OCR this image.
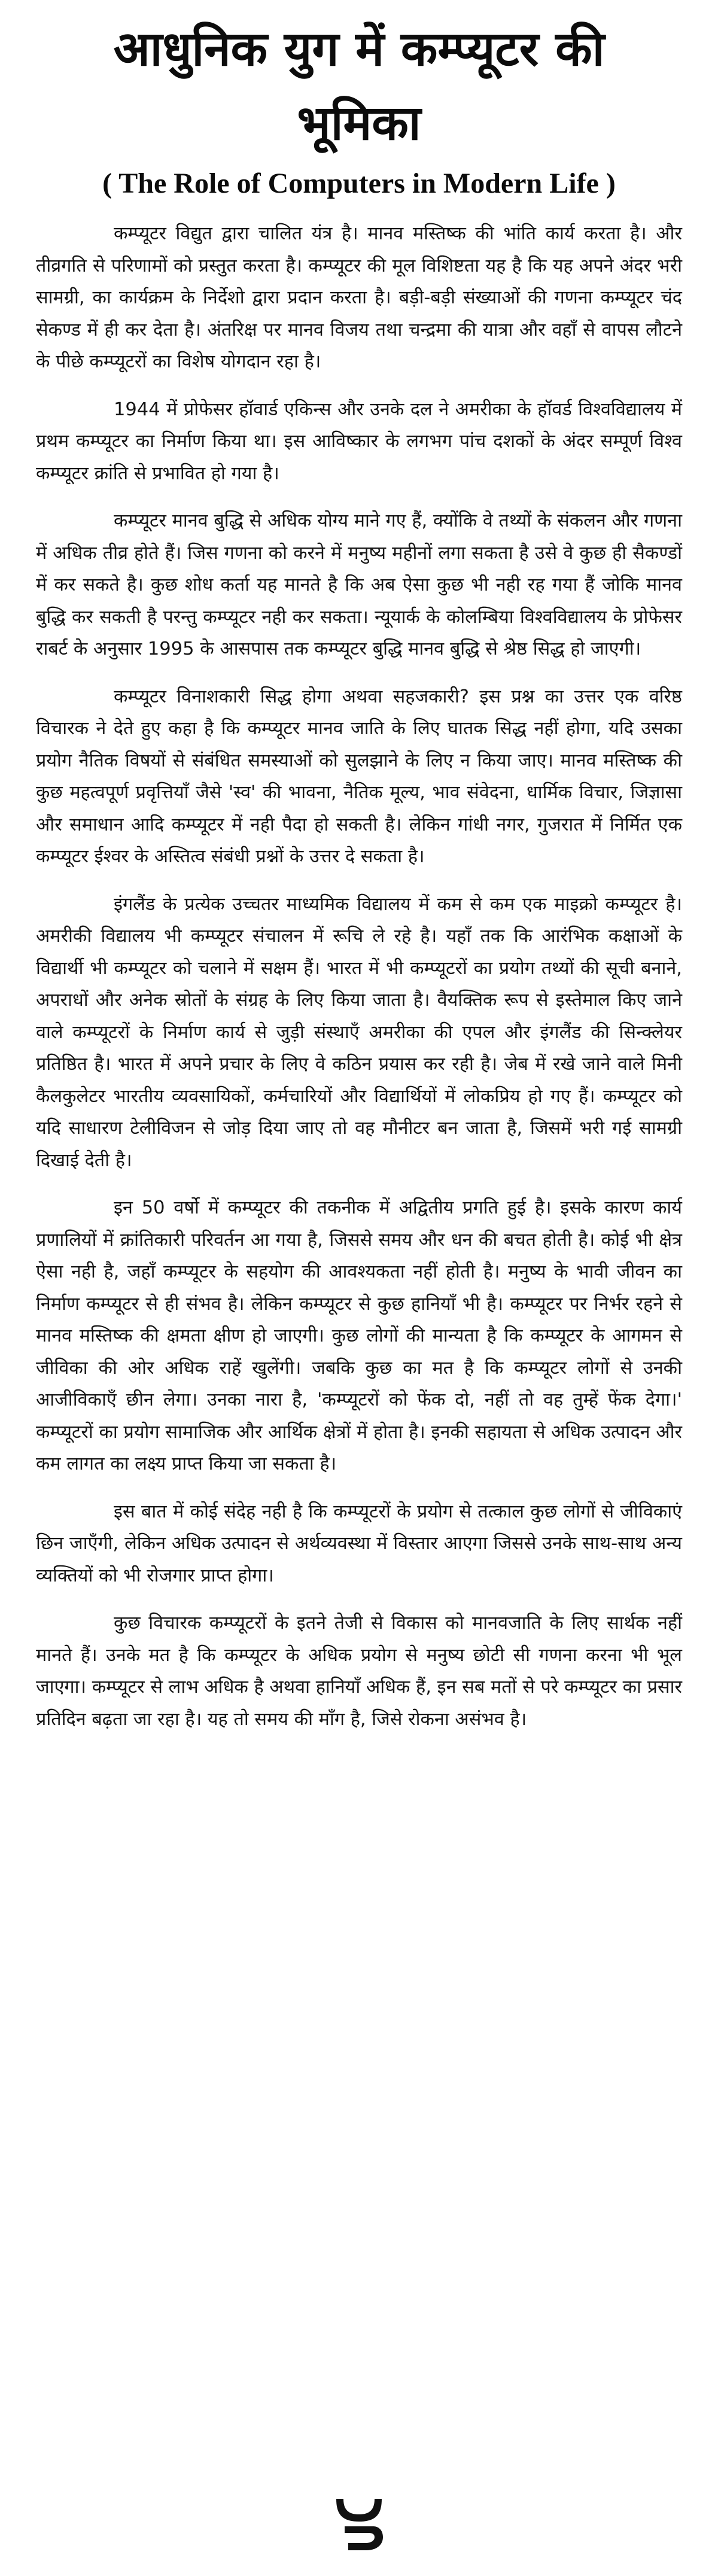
आधुनिक युग में कम्प्यूटर की भूमिका
( The Role of Computers in Modern Life )

कम्प्यूटर विद्युत द्वारा चालित यंत्र है। मानव मस्तिष्क की भांति कार्य करता है। और तीव्रगति से परिणामों को प्रस्तुत करता है। कम्प्यूटर की मूल विशिष्टता यह है कि यह अपने अंदर भरी सामग्री, का कार्यक्रम के निर्देशो द्वारा प्रदान करता है। बड़ी-बड़ी संख्याओं की गणना कम्प्यूटर चंद सेकण्ड में ही कर देता है। अंतरिक्ष पर मानव विजय तथा चन्द्रमा की यात्रा और वहाँ से वापस लौटने के पीछे कम्प्यूटरों का विशेष योगदान रहा है।

1944 में प्रोफेसर हॉवार्ड एकिन्स और उनके दल ने अमरीका के हॉवर्ड विश्वविद्यालय में प्रथम कम्प्यूटर का निर्माण किया था। इस आविष्कार के लगभग पांच दशकों के अंदर सम्पूर्ण विश्व कम्प्यूटर क्रांति से प्रभावित हो गया है।

कम्प्यूटर मानव बुद्धि से अधिक योग्य माने गए हैं, क्योंकि वे तथ्यों के संकलन और गणना में अधिक तीव्र होते हैं। जिस गणना को करने में मनुष्य महीनों लगा सकता है उसे वे कुछ ही सैकण्डों में कर सकते है। कुछ शोध कर्ता यह मानते है कि अब ऐसा कुछ भी नही रह गया हैं जोकि मानव बुद्धि कर सकती है परन्तु कम्प्यूटर नही कर सकता। न्यूयार्क के कोलम्बिया विश्वविद्यालय के प्रोफेसर राबर्ट के अनुसार 1995 के आसपास तक कम्प्यूटर बुद्धि मानव बुद्धि से श्रेष्ठ सिद्ध हो जाएगी।

कम्प्यूटर विनाशकारी सिद्ध होगा अथवा सहजकारी? इस प्रश्न का उत्तर एक वरिष्ठ विचारक ने देते हुए कहा है कि कम्प्यूटर मानव जाति के लिए घातक सिद्ध नहीं होगा, यदि उसका प्रयोग नैतिक विषयों से संबंधित समस्याओं को सुलझाने के लिए न किया जाए। मानव मस्तिष्क की कुछ महत्वपूर्ण प्रवृत्तियाँ जैसे 'स्व' की भावना, नैतिक मूल्य, भाव संवेदना, धार्मिक विचार, जिज्ञासा और समाधान आदि कम्प्यूटर में नही पैदा हो सकती है। लेकिन गांधी नगर, गुजरात में निर्मित एक कम्प्यूटर ईश्वर के अस्तित्व संबंधी प्रश्नों के उत्तर दे सकता है।

इंगलैंड के प्रत्येक उच्चतर माध्यमिक विद्यालय में कम से कम एक माइक्रो कम्प्यूटर है। अमरीकी विद्यालय भी कम्प्यूटर संचालन में रूचि ले रहे है। यहाँ तक कि आरंभिक कक्षाओं के विद्यार्थी भी कम्प्यूटर को चलाने में सक्षम हैं। भारत में भी कम्प्यूटरों का प्रयोग तथ्यों की सूची बनाने, अपराधों और अनेक स्रोतों के संग्रह के लिए किया जाता है। वैयक्तिक रूप से इस्तेमाल किए जाने वाले कम्प्यूटरों के निर्माण कार्य से जुड़ी संस्थाएँ अमरीका की एपल और इंगलैंड की सिन्क्लेयर प्रतिष्ठित है। भारत में अपने प्रचार के लिए वे कठिन प्रयास कर रही है। जेब में रखे जाने वाले मिनी कैलकुलेटर भारतीय व्यवसायिकों, कर्मचारियों और विद्यार्थियों में लोकप्रिय हो गए हैं। कम्प्यूटर को यदि साधारण टेलीविजन से जोड़ दिया जाए तो वह मौनीटर बन जाता है, जिसमें भरी गई सामग्री दिखाई देती है।

इन 50 वर्षो में कम्प्यूटर की तकनीक में अद्वितीय प्रगति हुई है। इसके कारण कार्य प्रणालियों में क्रांतिकारी परिवर्तन आ गया है, जिससे समय और धन की बचत होती है। कोई भी क्षेत्र ऐसा नही है, जहाँ कम्प्यूटर के सहयोग की आवश्यकता नहीं होती है। मनुष्य के भावी जीवन का निर्माण कम्प्यूटर से ही संभव है। लेकिन कम्प्यूटर से कुछ हानियाँ भी है। कम्प्यूटर पर निर्भर रहने से मानव मस्तिष्क की क्षमता क्षीण हो जाएगी। कुछ लोगों की मान्यता है कि कम्प्यूटर के आगमन से जीविका की ओर अधिक राहें खुलेंगी। जबकि कुछ का मत है कि कम्प्यूटर लोगों से उनकी आजीविकाएँ छीन लेगा। उनका नारा है, 'कम्प्यूटरों को फेंक दो, नहीं तो वह तुम्हें फेंक देगा।' कम्प्यूटरों का प्रयोग सामाजिक और आर्थिक क्षेत्रों में होता है। इनकी सहायता से अधिक उत्पादन और कम लागत का लक्ष्य प्राप्त किया जा सकता है।

इस बात में कोई संदेह नही है कि कम्प्यूटरों के प्रयोग से तत्काल कुछ लोगों से जीविकाएं छिन जाएँगी, लेकिन अधिक उत्पादन से अर्थव्यवस्था में विस्तार आएगा जिससे उनके साथ-साथ अन्य व्यक्तियों को भी रोजगार प्राप्त होगा।

कुछ विचारक कम्प्यूटरों के इतने तेजी से विकास को मानवजाति के लिए सार्थक नहीं मानते हैं। उनके मत है कि कम्प्यूटर के अधिक प्रयोग से मनुष्य छोटी सी गणना करना भी भूल जाएगा। कम्प्यूटर से लाभ अधिक है अथवा हानियाँ अधिक हैं, इन सब मतों से परे कम्प्यूटर का प्रसार प्रतिदिन बढ़ता जा रहा है। यह तो समय की माँग है, जिसे रोकना असंभव है।
